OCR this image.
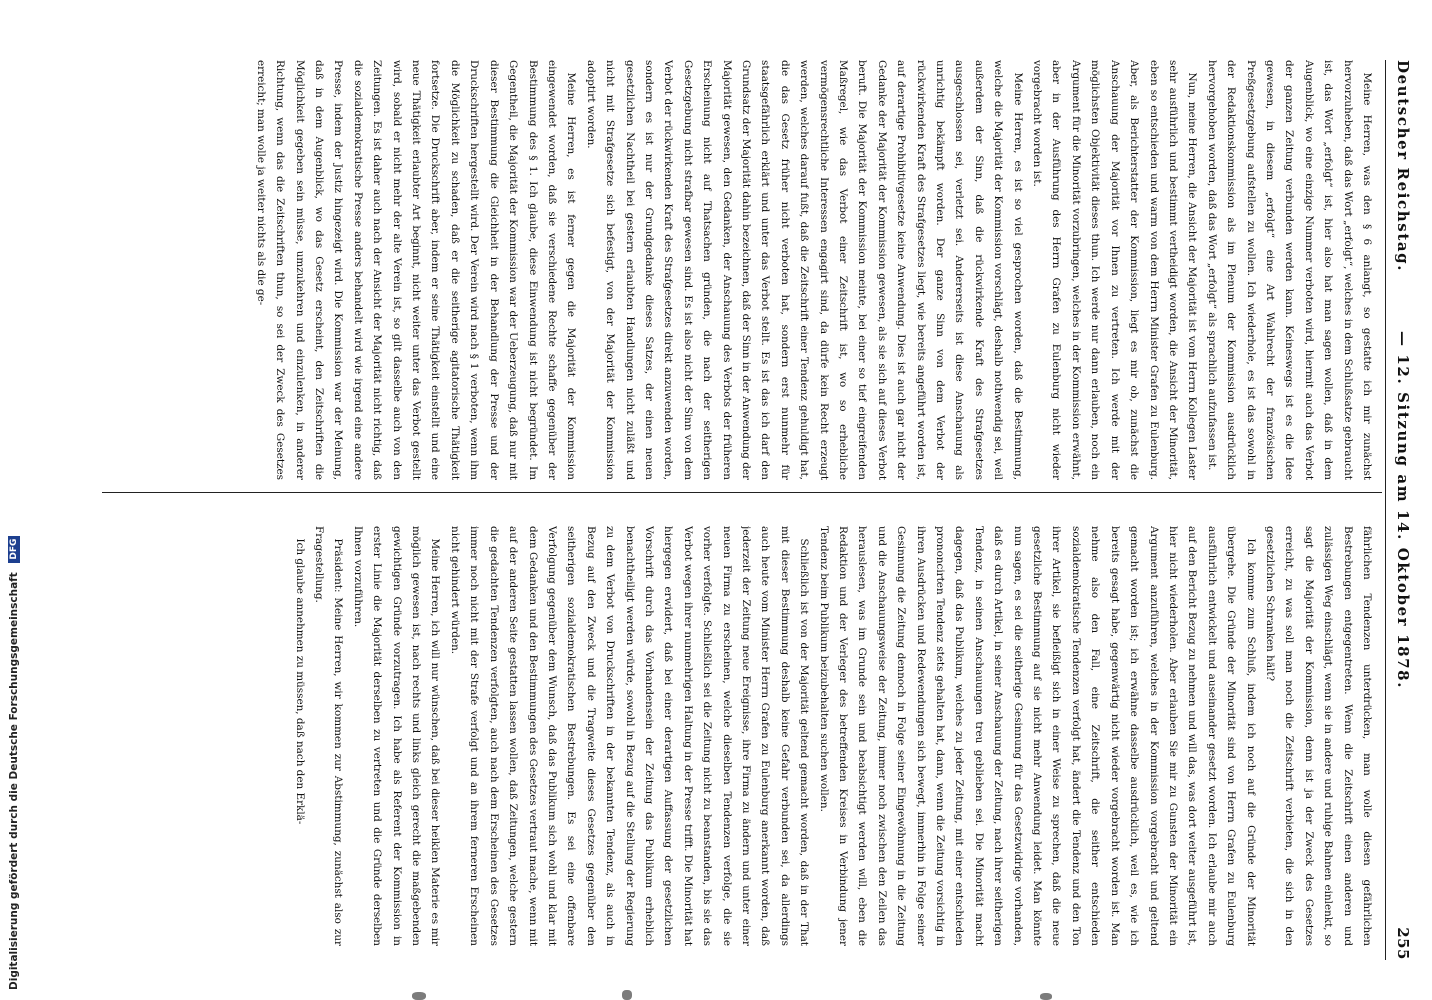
Deutscher Reichstag.
— 12. Sitzung am 14. Oktober 1878.
255

Meine Herren, was den § 6 anlangt, so gestatte ich mir zunächst hervorzuheben, daß das Wort „erfolgt“, welches in dem Schlußsatze gebraucht ist, das Wort „erfolgt“ ist, hier also hat man sagen wollen, daß in dem Augenblick, wo eine einzige Nummer verboten wird, hiermit auch das Verbot der ganzen Zeitung verbunden werden kann. Keineswegs ist es die Idee gewesen, in diesem „erfolgt“ eine Art Wahlrecht der französischen Preßgesetzgebung aufstellen zu wollen. Ich wiederhole, es ist das sowohl in der Redaktionskommission als im Plenum der Kommission ausdrücklich hervorgehoben worden, daß das Wort „erfolgt“ als sprachlich aufzufassen ist.

Nun, meine Herren, die Ansicht der Majorität ist vom Herrn Kollegen Laster sehr ausführlich und bestimmt vertheidigt worden, die Ansicht der Minorität, eben so entschieden und warm von dem Herrn Minister Grafen zu Eulenburg. Aber, als Berichterstatter der Kommission, liegt es mir ob, zunächst die Anschauung der Majorität vor Ihnen zu vertreten. Ich werde mit der möglichsten Objektivität dieses thun. Ich werde nur dann erlauben, noch ein Argument für die Minorität vorzubringen, welches in der Kommission erwähnt, aber in der Ausführung des Herrn Grafen zu Eulenburg nicht wieder vorgebracht worden ist.

Meine Herren, es ist so viel gesprochen worden, daß die Bestimmung, welche die Majorität der Kommission vorschlägt, deshalb nothwendig sei, weil außerdem der Sinn, daß die rückwirkende Kraft des Strafgesetzes ausgeschlossen sei, verletzt sei. Andererseits ist diese Anschauung als unrichtig bekämpft worden. Der ganze Sinn von dem Verbot der rückwirkenden Kraft des Strafgesetzes liegt, wie bereits angeführt worden ist, auf derartige Prohibitivgesetze keine Anwendung. Dies ist auch gar nicht der Gedanke der Majorität der Kommission gewesen, als sie sich auf dieses Verbot beruft. Die Majorität der Kommission meinte, bei einer so tief eingreifenden Maßregel, wie das Verbot einer Zeitschrift ist, wo so erhebliche vermögensrechtliche Interessen engagirt sind, da dürfe kein Recht erzeugt werden, welches darauf fußt, daß die Zeitschrift einer Tendenz gehuldigt hat, die das Gesetz früher nicht verboten hat, sondern erst nunmehr für staatsgefährlich erklärt und unter das Verbot stellt. Es ist das ich darf den Grundsatz der Majorität dahin bezeichnen, daß der Sinn in der Anwendung der Majorität gewesen, den Gedanken, der Anschauung des Verbots der früheren Erscheinung nicht auf Thatsachen gründen, die nach der seitherigen Gesetzgebung nicht strafbar gewesen sind. Es ist also nicht der Sinn von dem Verbot der rückwirkenden Kraft des Strafgesetzes direkt anzuwenden worden, sondern es ist nur der Grundgedanke dieses Satzes, der einen neuen gesetzlichen Nachtheil bei gestern erlaubten Handlungen nicht zuläßt und nicht mit Strafgesetze sich befestigt, von der Majorität der Kommission adoptirt worden.

Meine Herren, es ist ferner gegen die Majorität der Kommission eingewendet worden, daß sie verschiedene Rechte schaffe gegenüber der Bestimmung des § 1. Ich glaube, diese Einwendung ist nicht begründet. Im Gegentheil, die Majorität der Kommission war der Ueberzeugung, daß nur mit dieser Bestimmung die Gleichheit in der Behandlung der Presse und der Druckschriften hergestellt wird. Der Verein wird nach § 1 verboten, wenn ihm die Möglichkeit zu schaden, daß er die seitherige agitatorische Thätigkeit fortsetze. Die Druckschrift aber, indem er seine Thätigkeit einstellt und eine neue Thätigkeit erlaubter Art beginnt, nicht weiter unter das Verbot gestellt wird, sobald er nicht mehr der alte Verein ist, so gilt dasselbe auch von den Zeitungen. Es ist daher auch nach der Ansicht der Majorität nicht richtig, daß die sozialdemokratische Presse anders behandelt wird wie irgend eine andere Presse, indem der Justiz hingezeigt wird. Die Kommission war der Meinung, daß in dem Augenblick, wo das Gesetz erscheint, den Zeitschriften die Möglichkeit gegeben sein müsse, umzukehren und einzulenken, in anderer Richtung, wenn das die Zeitschriften thun, so sei der Zweck des Gesetzes erreicht; man wolle ja weiter nichts als die ge-

fährlichen Tendenzen unterdrücken, man wolle diesen gefährlichen Bestrebungen entgegentreten. Wenn die Zeitschrift einen anderen und zulässigen Weg einschlägt, wenn sie in andere und ruhige Bahnen einlenkt, so sagt die Majorität der Kommission, denn ist ja der Zweck des Gesetzes erreicht, zu was soll man noch die Zeitschrift verbieten, die sich in den gesetzlichen Schranken hält?

Ich komme zum Schluß, indem ich noch auf die Gründe der Minorität übergehe. Die Gründe der Minorität sind von Herrn Grafen zu Eulenburg ausführlich entwickelt und auseinander gesetzt worden. Ich erlaube mir auch auf den Bericht Bezug zu nehmen und will das, was dort weiter ausgeführt ist, hier nicht wiederholen. Aber erlauben Sie mir zu Gunsten der Minorität ein Argument anzuführen, welches in der Kommission vorgebracht und geltend gemacht worden ist; ich erwähne dasselbe ausdrücklich, weil es, wie ich bereits gesagt habe, gegenwärtig nicht wieder vorgebracht worden ist. Man nehme also den Fall, eine Zeitschrift, die seither entschieden sozialdemokratische Tendenzen verfolgt hat, ändert die Tendenz und den Ton ihrer Artikel, sie befleißigt sich in einer Weise zu sprechen, daß die neue gesetzliche Bestimmung auf sie nicht mehr Anwendung leidet. Man könnte nun sagen, es sei die seitherige Gesinnung für das Gesetzwidrige vorhanden, daß es durch Artikel, in seiner Anschauung der Zeitung, nach ihrer seitherigen Tendenz, in seinen Anschauungen treu geblieben sei. Die Minorität macht dagegen, daß das Publikum, welches zu jeder Zeitung, mit einer entschieden prononcirten Tendenz stets gehalten hat, dann, wenn die Zeitung vorsichtig in ihren Ausdrücken und Redewendungen sich bewegt, immerhin in Folge seiner Gesinnung die Zeitung dennoch in Folge seiner Eingewöhnung in die Zeitung und die Anschauungsweise der Zeitung, immer noch zwischen den Zeilen das herauslesen, was im Grunde sein und beabsichtigt werden will, eben die Redaktion und der Verleger des betreffenden Kreises in Verbindung jener Tendenz beim Publikum beizubehalten suchen wollen.

Schließlich ist von der Majorität geltend gemacht worden, daß in der That mit dieser Bestimmung deshalb keine Gefahr verbunden sei, da allerdings auch heute vom Minister Herrn Grafen zu Eulenburg anerkannt worden, daß jederzeit der Zeitung neue Ereignisse, ihre Firma zu ändern und unter einer neuen Firma zu erscheinen, welche dieselben Tendenzen verfolge, die sie vorher verfolgte. Schließlich sei die Zeitung nicht zu beanstanden, bis sie das Verbot wegen ihrer nunmehrigen Haltung in der Presse trifft. Die Minorität hat hiergegen erwidert, daß bei einer derartigen Auffassung der gesetzlichen Vorschrift durch das Vorhandensein der Zeitung das Publikum erheblich benachtheiligt werden würde, sowohl in Bezug auf die Stellung der Regierung zu dem Verbot von Druckschriften in der bekannten Tendenz, als auch in Bezug auf den Zweck und die Tragweite dieses Gesetzes gegenüber den seitherigen sozialdemokratischen Bestrebungen. Es sei eine offenbare Verfolgung gegenüber dem Wunsch, daß das Publikum sich wohl und klar mit dem Gedanken und den Bestimmungen des Gesetzes vertraut mache, wenn mit auf der anderen Seite gestatten lassen wollen, daß Zeitungen, welche gestern die gedachten Tendenzen verfolgten, auch nach dem Erscheinen des Gesetzes immer noch nicht mit der Strafe verfolgt und an ihrem ferneren Erscheinen nicht gehindert würden.

Meine Herren, ich will nur wünschen, daß bei dieser heiklen Materie es mir möglich gewesen ist, nach rechts und links gleich gerecht die maßgebenden gewichtigen Gründe vorzutragen. Ich habe als Referent der Kommission in erster Linie die Majorität derselben zu vertreten und die Gründe derselben Ihnen vorzuführen.

Präsident: Meine Herren, wir kommen zur Abstimmung, zunächst also zur Fragestellung.

Ich glaube annehmen zu müssen, daß nach den Erklä-

Digitalisierung gefördert durch die Deutsche Forschungsgemeinschaft DFG
